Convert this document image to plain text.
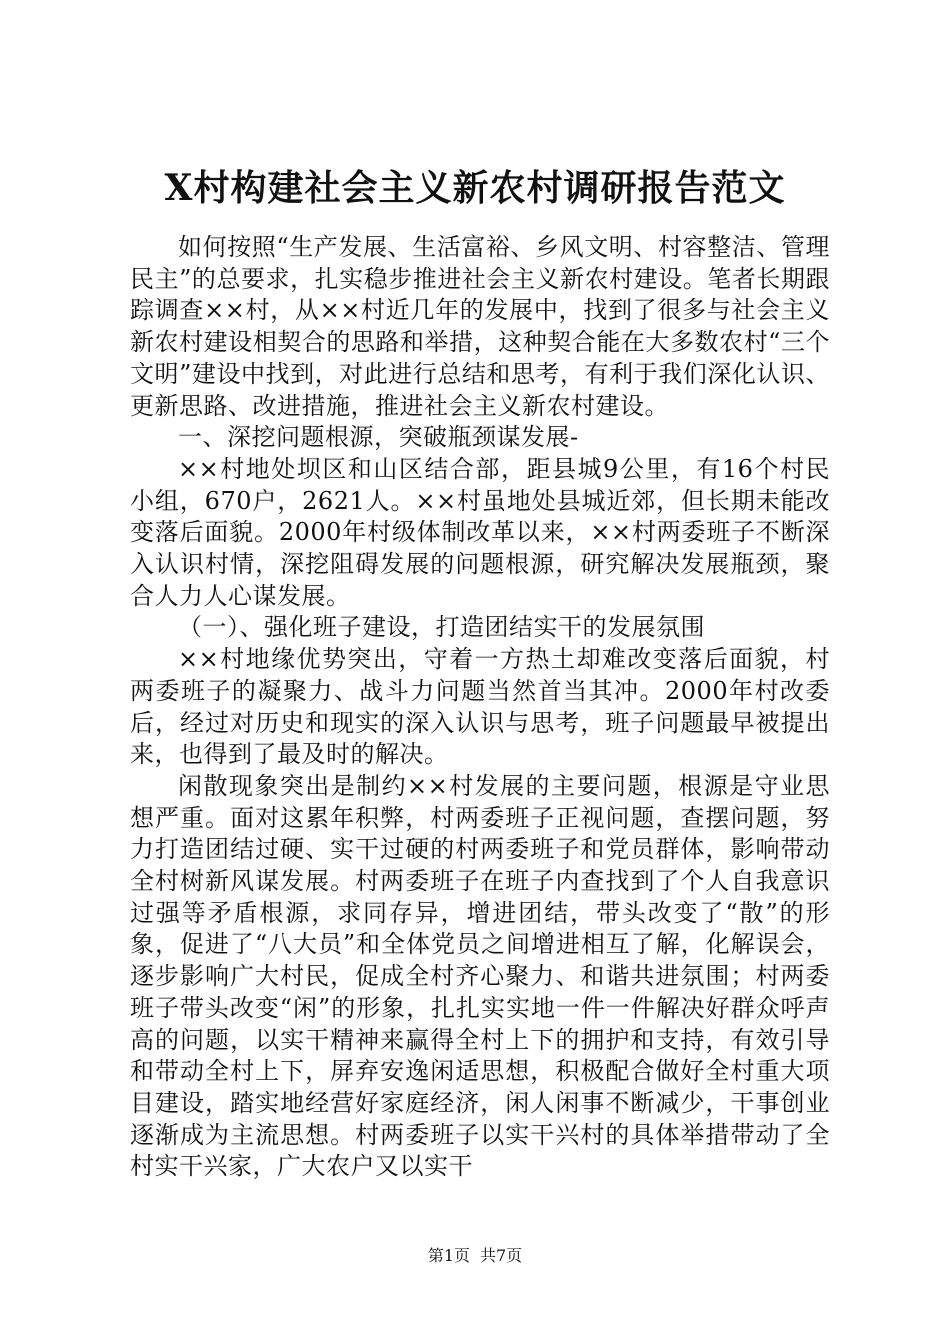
X村构建社会主义新农村调研报告范文

如何按照“生产发展、生活富裕、乡风文明、村容整洁、管理民主”的总要求，扎实稳步推进社会主义新农村建设。笔者长期跟踪调查××村，从××村近几年的发展中，找到了很多与社会主义新农村建设相契合的思路和举措，这种契合能在大多数农村“三个文明”建设中找到，对此进行总结和思考，有利于我们深化认识、更新思路、改进措施，推进社会主义新农村建设。

一、深挖问题根源，突破瓶颈谋发展-

××村地处坝区和山区结合部，距县城9公里，有16个村民小组，670户，2621人。××村虽地处县城近郊，但长期未能改变落后面貌。2000年村级体制改革以来，××村两委班子不断深入认识村情，深挖阻碍发展的问题根源，研究解决发展瓶颈，聚合人力人心谋发展。

（一）、强化班子建设，打造团结实干的发展氛围

××村地缘优势突出，守着一方热土却难改变落后面貌，村两委班子的凝聚力、战斗力问题当然首当其冲。2000年村改委后，经过对历史和现实的深入认识与思考，班子问题最早被提出来，也得到了最及时的解决。

闲散现象突出是制约××村发展的主要问题，根源是守业思想严重。面对这累年积弊，村两委班子正视问题，查摆问题，努力打造团结过硬、实干过硬的村两委班子和党员群体，影响带动全村树新风谋发展。村两委班子在班子内查找到了个人自我意识过强等矛盾根源，求同存异，增进团结，带头改变了“散”的形象，促进了“八大员”和全体党员之间增进相互了解，化解误会，逐步影响广大村民，促成全村齐心聚力、和谐共进氛围；村两委班子带头改变“闲”的形象，扎扎实实地一件一件解决好群众呼声高的问题，以实干精神来赢得全村上下的拥护和支持，有效引导和带动全村上下，屏弃安逸闲适思想，积极配合做好全村重大项目建设，踏实地经营好家庭经济，闲人闲事不断减少，干事创业逐渐成为主流思想。村两委班子以实干兴村的具体举措带动了全村实干兴家，广大农户又以实干

第1页 共7页
